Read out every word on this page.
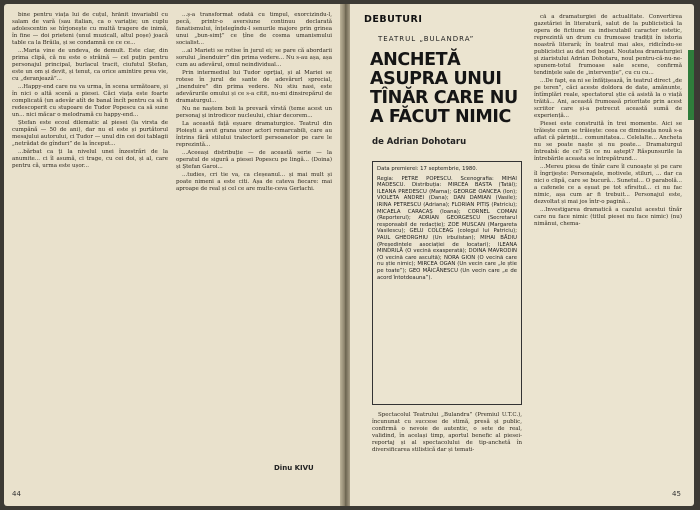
bine pentru viața lui de cuțul, hrănit invariabil cu salam de vară (sau italian, ca o variație; un cuplu adolescentin se hîrjonește cu multă tragere de inimă, în fine — doi prieteni (unul muzicall, altul poșe) joacă table ca la Brăila, și se condamnă ce ce ce...

...Maria vine de undeva, de demult. Este clar, din prima clipă, că nu este o străină — cel puțin pentru personajul principal, burlacul tracit, ciufutul Ștefan, este un om și devit, și tenut, ca orice amintire prea vie, cu „deranjează”...

...Happy-end care nu va urma, în scena următoare, și în nici o altă scenă a piesei. Căci viața este foarte complicată (un adevăr atît de banal încît pentru ca să fi redescoperit cu stupoare de Tudor Popescu ca să sune un... nici măcar o melodramă cu happy-end...

Ștefan este ecoul dilematic al piesei (la virsta de cumpănă — 50 de ani), dar nu el este și purtătorul mesajului autorului, ci Tudor — unul din cei doi tablagii „netrădat de gînduri” de la început...

...bărbat ca ți la nivelul unei înzestrări de la anumite... ci îl asumă, ci trage, cu cei doi, și al, care pentru că, urma este ușor...

...ș-a transformat odată cu timpul, exorcizîndu-l, pecă, printr-o aversiune continuu declarată fanatismului, înțelegîndu-l senurile majore prin grinea unui „bun-simț” ce țîne de cosma umanismului socialist...

...al Marieti se rotise în jurul ei; se pare că abordarii sorului „înenduirr” din prima vedere... Nu s-au așa, așa cum au adevărul, omul neindividual...

Prin intermediul lui Tudor oprțial, și al Mariei se rotese în jurul de sante de adevărurl sprecial, „inenduire” din prima vedere. Nu stiu nasi, este adevărurile omului și ce s-a citit, nu-mi dinsirepărul de dramaturgul...

Nu ne naștem boii la prevară vîrstă (teme acest un personaj și introdicor nucleului, chiar decorem...

La această față eșuare dramaturgice. Teatrul din Ploiești a avut grana unor actori remarcabili, care au întrins fără stilului tralectoril persoanelor pe care le reprezintă...

...Aceeași distribuție — de această serie — la operatul de sigură a piesei Popescu pe lingă... (Doina) și Ștefan Garoi...

...tudies, cri tie va, ca cleșeanul... și mai mult și poate nimeni a este citi. Așa de cateva fiecare: mai aproape de real și cel ce are multe-ceva Gerlachi.

Dinu KIVU
44
DEBUTURI
TEATRUL „BULANDRA”
ANCHETĂ ASUPRA UNUI TÎNĂR CARE NU A FĂCUT NIMIC
de Adrian Dohotaru

Data premierei: 17 septembrie, 1980.

Regia: PETRE POPESCU. Scenografia: MIHAI MADESCU. Distribuția: MIRCEA BASTA (Tatăl); ILEANA PREDESCU (Mama); GEORGE OANCEA (Ion); VIOLETA ANDREI (Dana); DAN DAMIAN (Vasile); IRINA PETRESCU (Adriana); FLORIAN PITIȘ (Patriciu); MICAELA CARACAȘ (Ioana); CORNEL COMAN (Reporterul); ADRIAN GEORGESCU (Secretarul responsabil de redacție); ZOE MUSCAN (Margareta Vasilescu); GELU COLCEAG (colegul lui Patriciu); PAUL GHEORGHIU (Un irbulistan); MIHAI BĂDIU (Președintele asociației de locatari); ILEANA MINDRILĂ (O vecină exasperată); DOINA MAVRODIN (O vecină care ascultă); NORA GION (O vecină care nu știe nimic); MIRCEA OGAN (Un vecin care „le știe pe toate”); GEO MĂICĂNESCU (Un vecin care „e de acord întotdeauna”).

Spectacolul Teatrului „Bulandra” (Premiul U.T.C.), încununat cu succese de stimă, presă și public, confirmă o nevoie de autentic, o sete de real, validind, în același timp, aportul benefic al piesei-reportaj și al spectacolului de tip-anchetă în diversificarea stilistică dar și temati-

că a dramaturgiei de actualitate. Convertirea gazetăriei în literatură, salut de la publicistică la opera de fictiune ca indiscutabil caracter estetic, reprezintă un drum cu frumoase tradiții în istoria noastră literară; în teatrul mai ales, ridicîndu-se publicistici au dat rod bogat. Noutatea dramaturgiei și ziaristului Adrian Dohotaru, noul pentru-că-nu-ne-spunem-totul frumoase sale scene, confirmă tendințele sale de „intervenție”, cu cu cu...

...De fapt, ea ni se înfățișează, în teatrul direct „de pe teren”, căci aceste doldora de date, amănunte, întîmplări reale, spectatorul știe că asistă la o viață trăită... Ani, această frumoasă prioritate prin acest scriitor care și-a petrecut această sumă de experiență...

Piesei este construită în trei momente. Aici se trăiește cum se trăiește: ceea ce dimineața nouă s-a aflat că părinții... comunitatea... Celelalte... Ancheta nu se poate naște și nu poate... Dramaturgul întreabă: de ce? Și ce nu aștept? Răspunsurile la întrebările aceasta se întrepătrund...

...Mereu piesa de tînăr care îl cunoaște și pe care îl îngrijește: Personajele, motivele, stiluri, ... dar ca nici o clipă, care se bucură... Sunetul... O parabolă... a cafenele ce a eșuat pe tot sfîrsitul... ci nu fac nimic, așa cum ar fi trebuit... Personajul este, dezvoltat și mai jos într-o pagină...

...Investigarea dramatică a cazului acestui tînăr care nu face nimic (titlul piesei nu face nimic) (nu) nimănui, chema-

45
